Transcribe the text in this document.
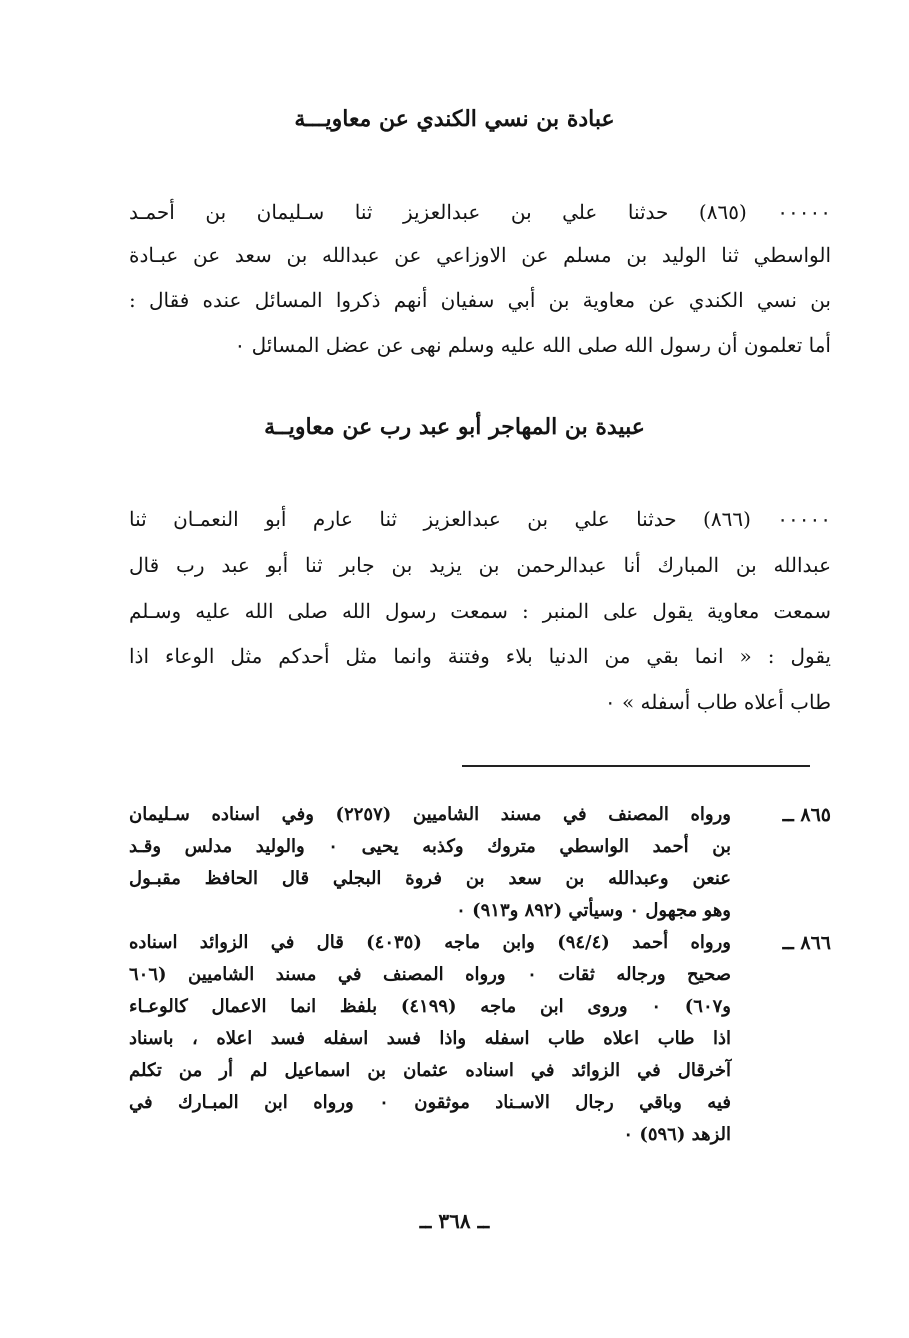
عبادة بن نسي الكندي عن معاويـــة
٠٠٠٠٠ (٨٦٥) حدثنا علي بن عبدالعزيز ثنا سـليمان بن أحمـد
الواسطي ثنا الوليد بن مسلم عن الاوزاعي عن عبدالله بن سعد عن عبـادة
بن نسي الكندي عن معاوية بن أبي سفيان أنهم ذكروا المسائل عنده فقال :
أما تعلمون أن رسول الله صلى الله عليه وسلم نهى عن عضل المسائل ٠
عبيدة بن المهاجر أبو عبد رب عن معاويــة
٠٠٠٠٠ (٨٦٦) حدثنا علي بن عبدالعزيز ثنا عارم أبو النعمـان ثنا
عبدالله بن المبارك أنا عبدالرحمن بن يزيد بن جابر ثنا أبو عبد رب قال
سمعت معاوية يقول على المنبر : سمعت رسول الله صلى الله عليه وسـلم
يقول : « انما بقي من الدنيا بلاء وفتنة وانما مثل أحدكم مثل الوعاء اذا
طاب أعلاه طاب أسفله » ٠
٨٦٥ ــ
ورواه المصنف في مسند الشاميين (٢٢٥٧) وفي اسناده سـليمان
بن أحمد الواسطي متروك وكذبه يحيى ٠ والوليد مدلس وقـد
عنعن وعبدالله بن سعد بن فروة البجلي قال الحافظ مقبـول
وهو مجهول ٠ وسيأتي (٨٩٢ و٩١٣) ٠
٨٦٦ ــ
ورواه أحمد (٩٤/٤) وابن ماجه (٤٠٣٥) قال في الزوائد اسناده
صحيح ورجاله ثقات ٠ ورواه المصنف في مسند الشاميين (٦٠٦
و٦٠٧) ٠ وروى ابن ماجه (٤١٩٩) بلفظ انما الاعمال كالوعـاء
اذا طاب اعلاه طاب اسفله واذا فسد اسفله فسد اعلاه ، باسناد
آخرقال في الزوائد في اسناده عثمان بن اسماعيل لم أر من تكلم
فيه وباقي رجال الاسـناد موثقون ٠ ورواه ابن المبـارك في
الزهد (٥٩٦) ٠
ــ ٣٦٨ ــ
